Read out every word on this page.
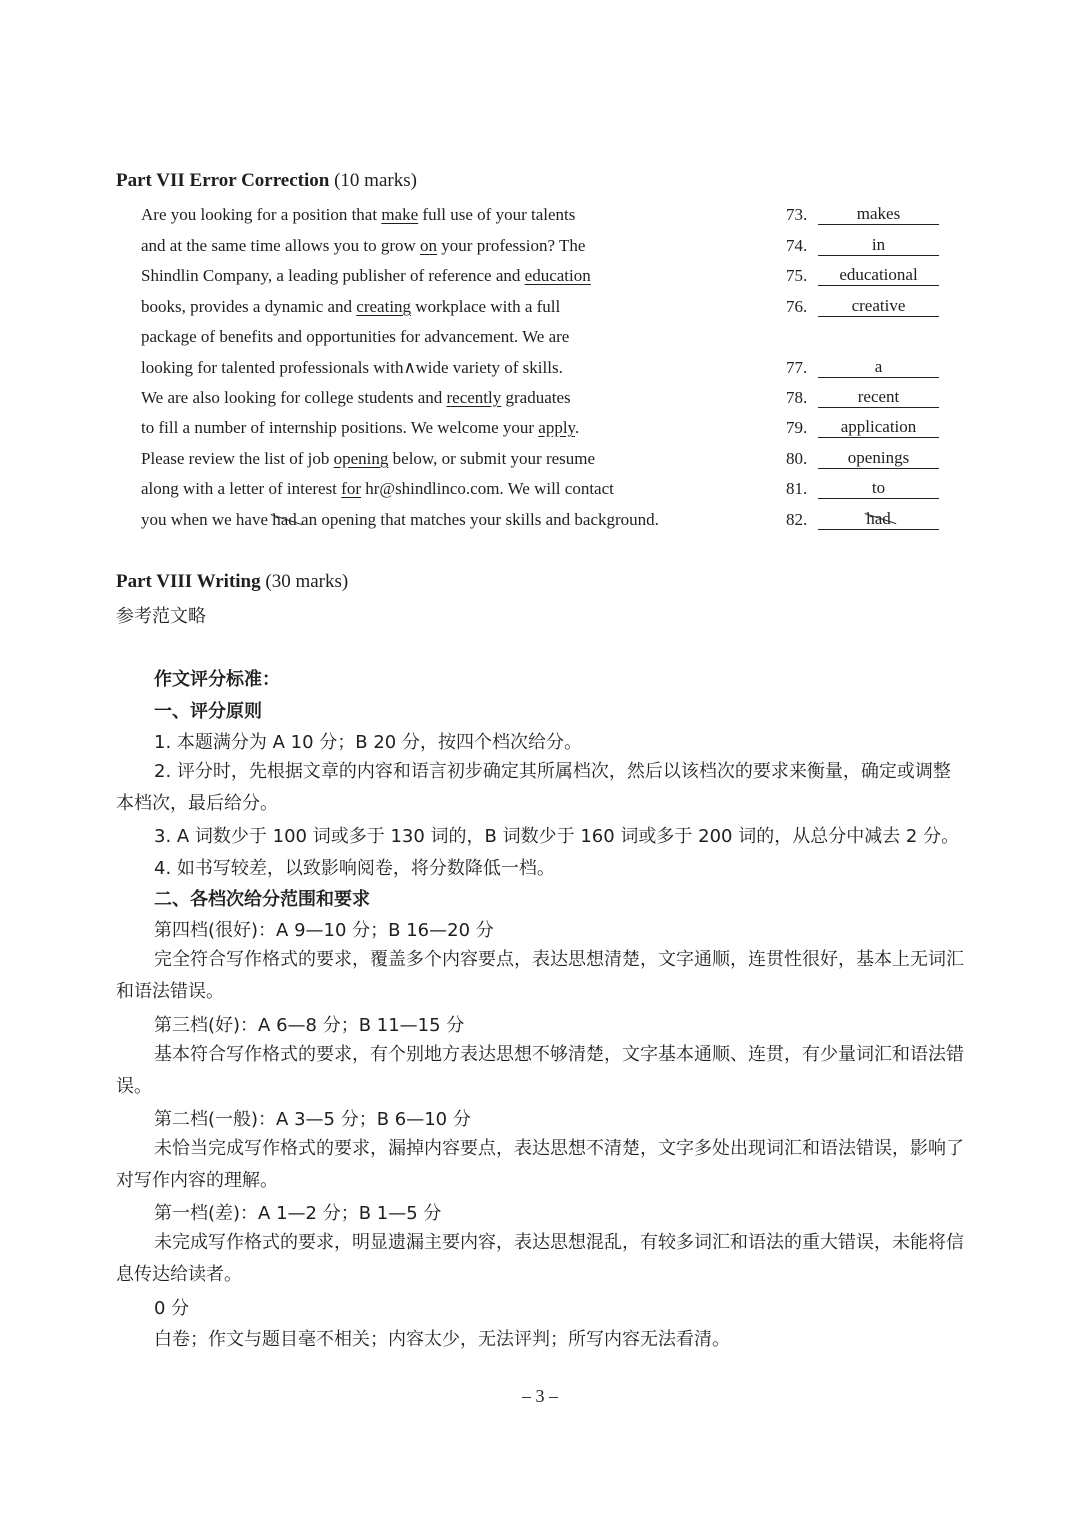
Part VII Error Correction (10 marks)
Are you looking for a position that make full use of your talents
and at the same time allows you to grow on your profession? The
Shindlin Company, a leading publisher of reference and education
books, provides a dynamic and creating workplace with a full
package of benefits and opportunities for advancement. We are
looking for talented professionals with∧wide variety of skills.
We are also looking for college students and recently graduates
to fill a number of internship positions. We welcome your apply.
Please review the list of job opening below, or submit your resume
along with a letter of interest for hr@shindlinco.com. We will contact
you when we have had an opening that matches your skills and background.
73.	makes
74.	in
75.	educational
76.	creative
77.	a
78.	recent
79.	application
80.	openings
81.	to
82.	had
Part VIII Writing (30 marks)
参考范文略
作文评分标准：
一、评分原则
1. 本题满分为 A 10 分；B 20 分，按四个档次给分。
2. 评分时，先根据文章的内容和语言初步确定其所属档次，然后以该档次的要求来衡量，确定或调整本档次，最后给分。
3. A 词数少于 100 词或多于 130 词的，B 词数少于 160 词或多于 200 词的，从总分中减去 2 分。
4. 如书写较差，以致影响阅卷，将分数降低一档。
二、各档次给分范围和要求
第四档(很好)：A 9—10 分；B 16—20 分
完全符合写作格式的要求，覆盖多个内容要点，表达思想清楚，文字通顺，连贯性很好，基本上无词汇和语法错误。
第三档(好)：A 6—8 分；B 11—15 分
基本符合写作格式的要求，有个别地方表达思想不够清楚，文字基本通顺、连贯，有少量词汇和语法错误。
第二档(一般)：A 3—5 分；B 6—10 分
未恰当完成写作格式的要求，漏掉内容要点，表达思想不清楚，文字多处出现词汇和语法错误，影响了对写作内容的理解。
第一档(差)：A 1—2 分；B 1—5 分
未完成写作格式的要求，明显遗漏主要内容，表达思想混乱，有较多词汇和语法的重大错误，未能将信息传达给读者。
0 分
白卷；作文与题目毫不相关；内容太少，无法评判；所写内容无法看清。
– 3 –
